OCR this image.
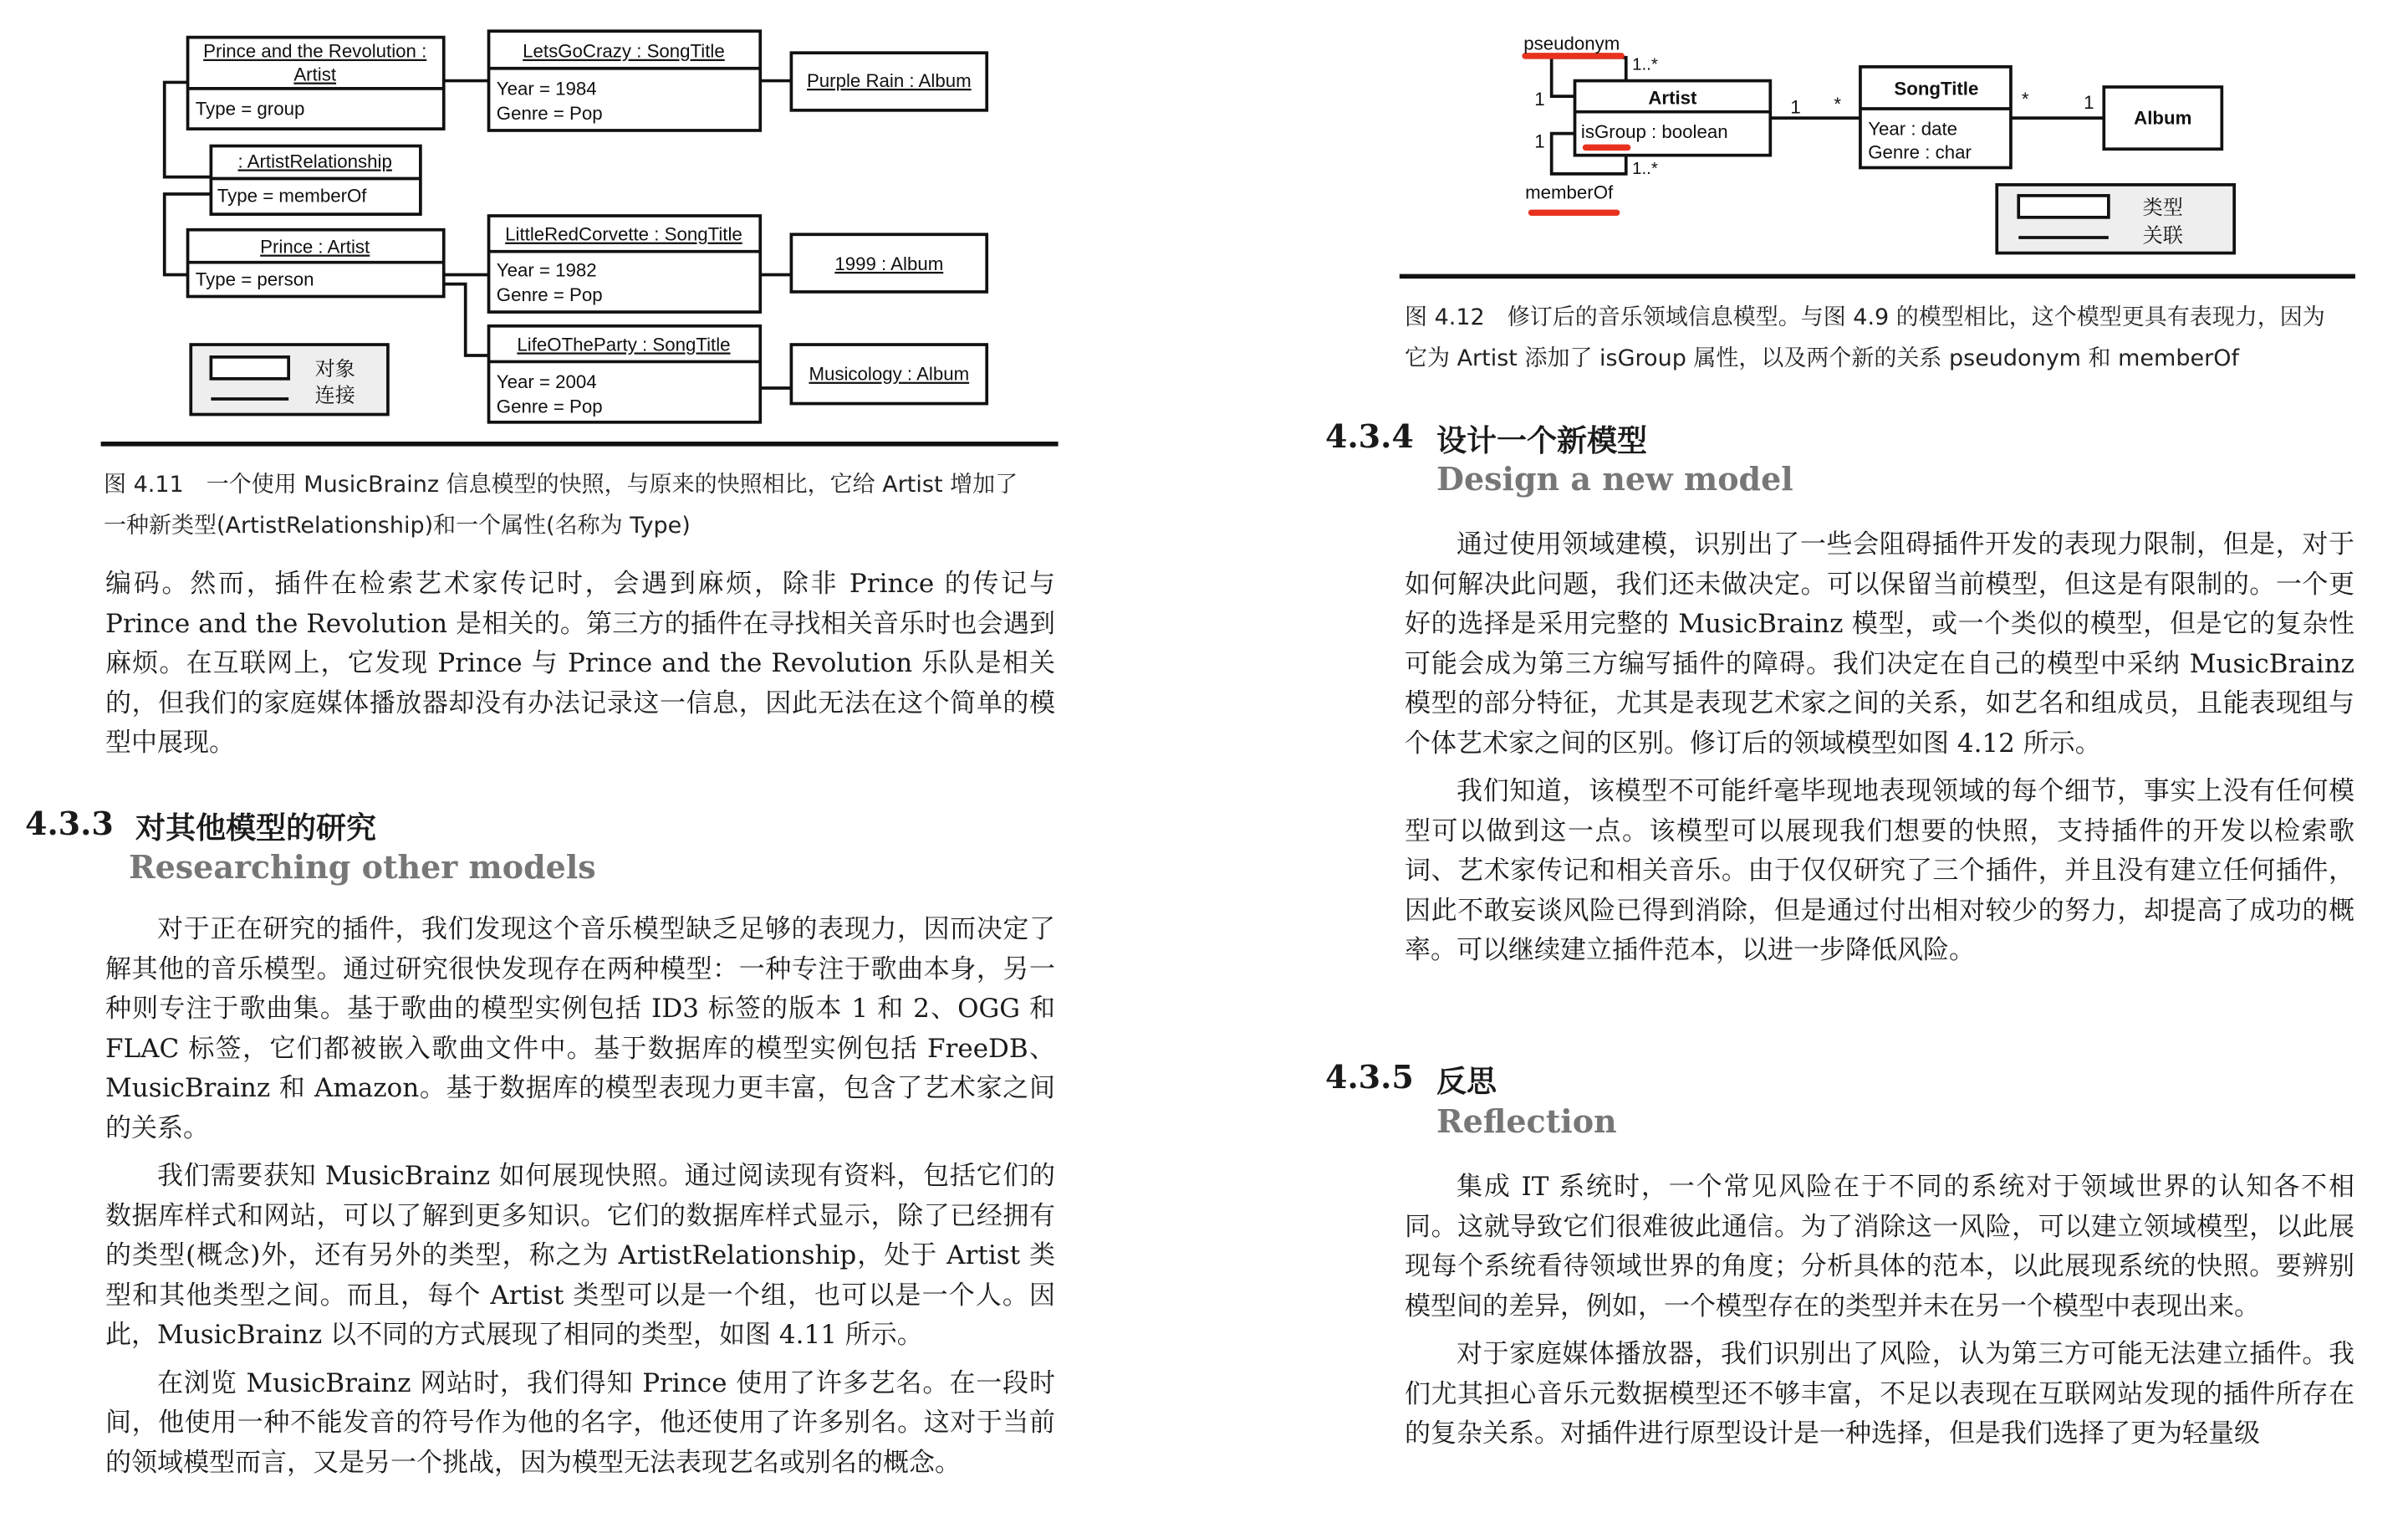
Prince and the Revolution :
Artist
Type = group
LetsGoCrazy : SongTitle
Year = 1984
Genre = Pop
Purple Rain : Album
: ArtistRelationship
Type = memberOf
Prince : Artist
Type = person
LittleRedCorvette : SongTitle
Year = 1982
Genre = Pop
1999 : Album
LifeOTheParty : SongTitle
Year = 2004
Genre = Pop
Musicology : Album
对象
连接
pseudonym
memberOf
Artist
isGroup : boolean
SongTitle
Year : date
Genre : char
Album
1
1
1..*
1..*
1	*	*	1
类型
关联
图 4.11　一个使用 MusicBrainz 信息模型的快照，与原来的快照相比，它给 Artist 增加了
一种新类型(ArtistRelationship)和一个属性(名称为 Type)
图 4.12　修订后的音乐领域信息模型。与图 4.9 的模型相比，这个模型更具有表现力，因为
它为 Artist 添加了 isGroup 属性，以及两个新的关系 pseudonym 和 memberOf

编码。然而，插件在检索艺术家传记时，会遇到麻烦，除非 Prince 的传记与 Prince and the Revolution 是相关的。第三方的插件在寻找相关音乐时也会遇到麻烦。在互联网上，它发现 Prince 与 Prince and the Revolution 乐队是相关的，但我们的家庭媒体播放器却没有办法记录这一信息，因此无法在这个简单的模型中展现。

4.3.3 对其他模型的研究
Researching other models

对于正在研究的插件，我们发现这个音乐模型缺乏足够的表现力，因而决定了解其他的音乐模型。通过研究很快发现存在两种模型：一种专注于歌曲本身，另一种则专注于歌曲集。基于歌曲的模型实例包括 ID3 标签的版本 1 和 2、OGG 和 FLAC 标签，它们都被嵌入歌曲文件中。基于数据库的模型实例包括 FreeDB、MusicBrainz 和 Amazon。基于数据库的模型表现力更丰富，包含了艺术家之间的关系。

我们需要获知 MusicBrainz 如何展现快照。通过阅读现有资料，包括它们的数据库样式和网站，可以了解到更多知识。它们的数据库样式显示，除了已经拥有的类型(概念)外，还有另外的类型，称之为 ArtistRelationship，处于 Artist 类型和其他类型之间。而且，每个 Artist 类型可以是一个组，也可以是一个人。因此，MusicBrainz 以不同的方式展现了相同的类型，如图 4.11 所示。

在浏览 MusicBrainz 网站时，我们得知 Prince 使用了许多艺名。在一段时间，他使用一种不能发音的符号作为他的名字，他还使用了许多别名。这对于当前的领域模型而言，又是另一个挑战，因为模型无法表现艺名或别名的概念。

4.3.4 设计一个新模型
Design a new model

通过使用领域建模，识别出了一些会阻碍插件开发的表现力限制，但是，对于如何解决此问题，我们还未做决定。可以保留当前模型，但这是有限制的。一个更好的选择是采用完整的 MusicBrainz 模型，或一个类似的模型，但是它的复杂性可能会成为第三方编写插件的障碍。我们决定在自己的模型中采纳 MusicBrainz 模型的部分特征，尤其是表现艺术家之间的关系，如艺名和组成员，且能表现组与个体艺术家之间的区别。修订后的领域模型如图 4.12 所示。

我们知道，该模型不可能纤毫毕现地表现领域的每个细节，事实上没有任何模型可以做到这一点。该模型可以展现我们想要的快照，支持插件的开发以检索歌词、艺术家传记和相关音乐。由于仅仅研究了三个插件，并且没有建立任何插件，因此不敢妄谈风险已得到消除，但是通过付出相对较少的努力，却提高了成功的概率。可以继续建立插件范本，以进一步降低风险。

4.3.5 反思
Reflection

集成 IT 系统时，一个常见风险在于不同的系统对于领域世界的认知各不相同。这就导致它们很难彼此通信。为了消除这一风险，可以建立领域模型，以此展现每个系统看待领域世界的角度；分析具体的范本，以此展现系统的快照。要辨别模型间的差异，例如，一个模型存在的类型并未在另一个模型中表现出来。

对于家庭媒体播放器，我们识别出了风险，认为第三方可能无法建立插件。我们尤其担心音乐元数据模型还不够丰富，不足以表现在互联网站发现的插件所存在的复杂关系。对插件进行原型设计是一种选择，但是我们选择了更为轻量级
